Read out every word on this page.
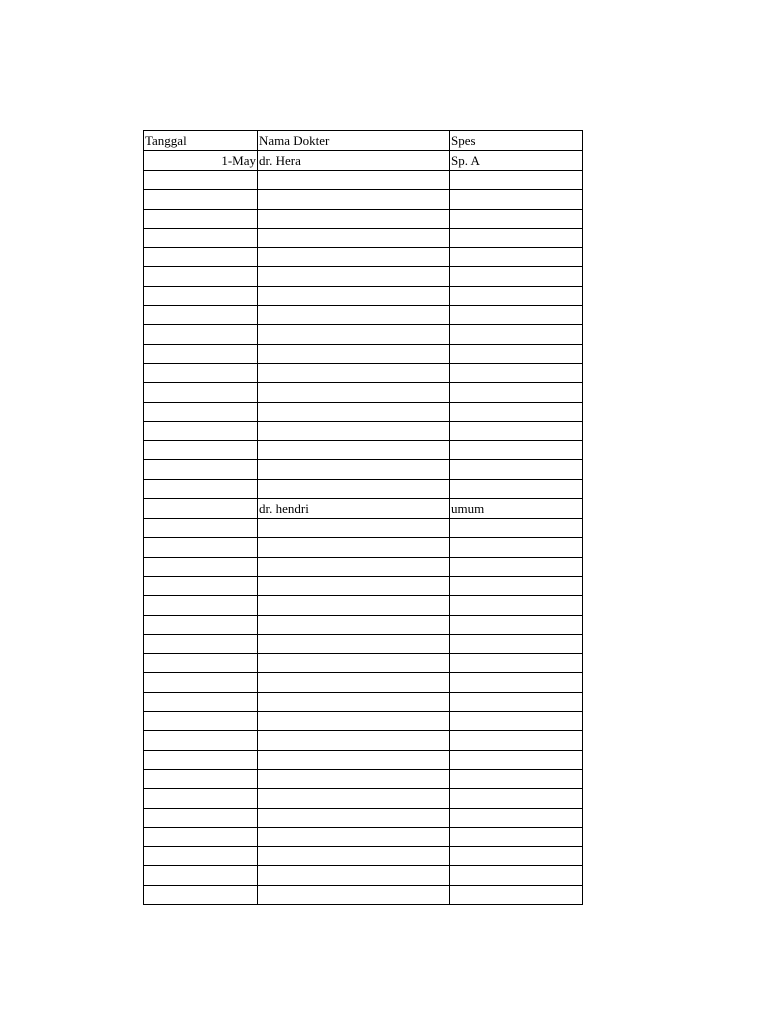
Tanggal	Nama Dokter	Spes
1-May	dr. Hera	Sp. A

	dr. hendri	umum
